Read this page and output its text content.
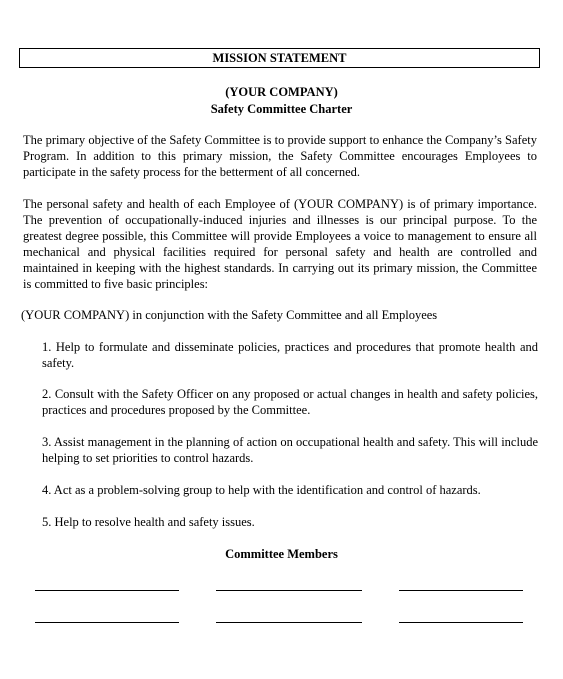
MISSION STATEMENT
(YOUR COMPANY)
Safety Committee Charter

The primary objective of the Safety Committee is to provide support to enhance the Company’s Safety Program. In addition to this primary mission, the Safety Committee encourages Employees to participate in the safety process for the betterment of all concerned.

The personal safety and health of each Employee of (YOUR COMPANY) is of primary importance. The prevention of occupationally-induced injuries and illnesses is our principal purpose. To the greatest degree possible, this Committee will provide Employees a voice to management to ensure all mechanical and physical facilities required for personal safety and health are controlled and maintained in keeping with the highest standards. In carrying out its primary mission, the Committee is committed to five basic principles:

(YOUR COMPANY) in conjunction with the Safety Committee and all Employees
1. Help to formulate and disseminate policies, practices and procedures that promote health and safety.
2. Consult with the Safety Officer on any proposed or actual changes in health and safety policies, practices and procedures proposed by the Committee.
3. Assist management in the planning of action on occupational health and safety. This will include helping to set priorities to control hazards.
4. Act as a problem-solving group to help with the identification and control of hazards.
5. Help to resolve health and safety issues.
Committee Members
